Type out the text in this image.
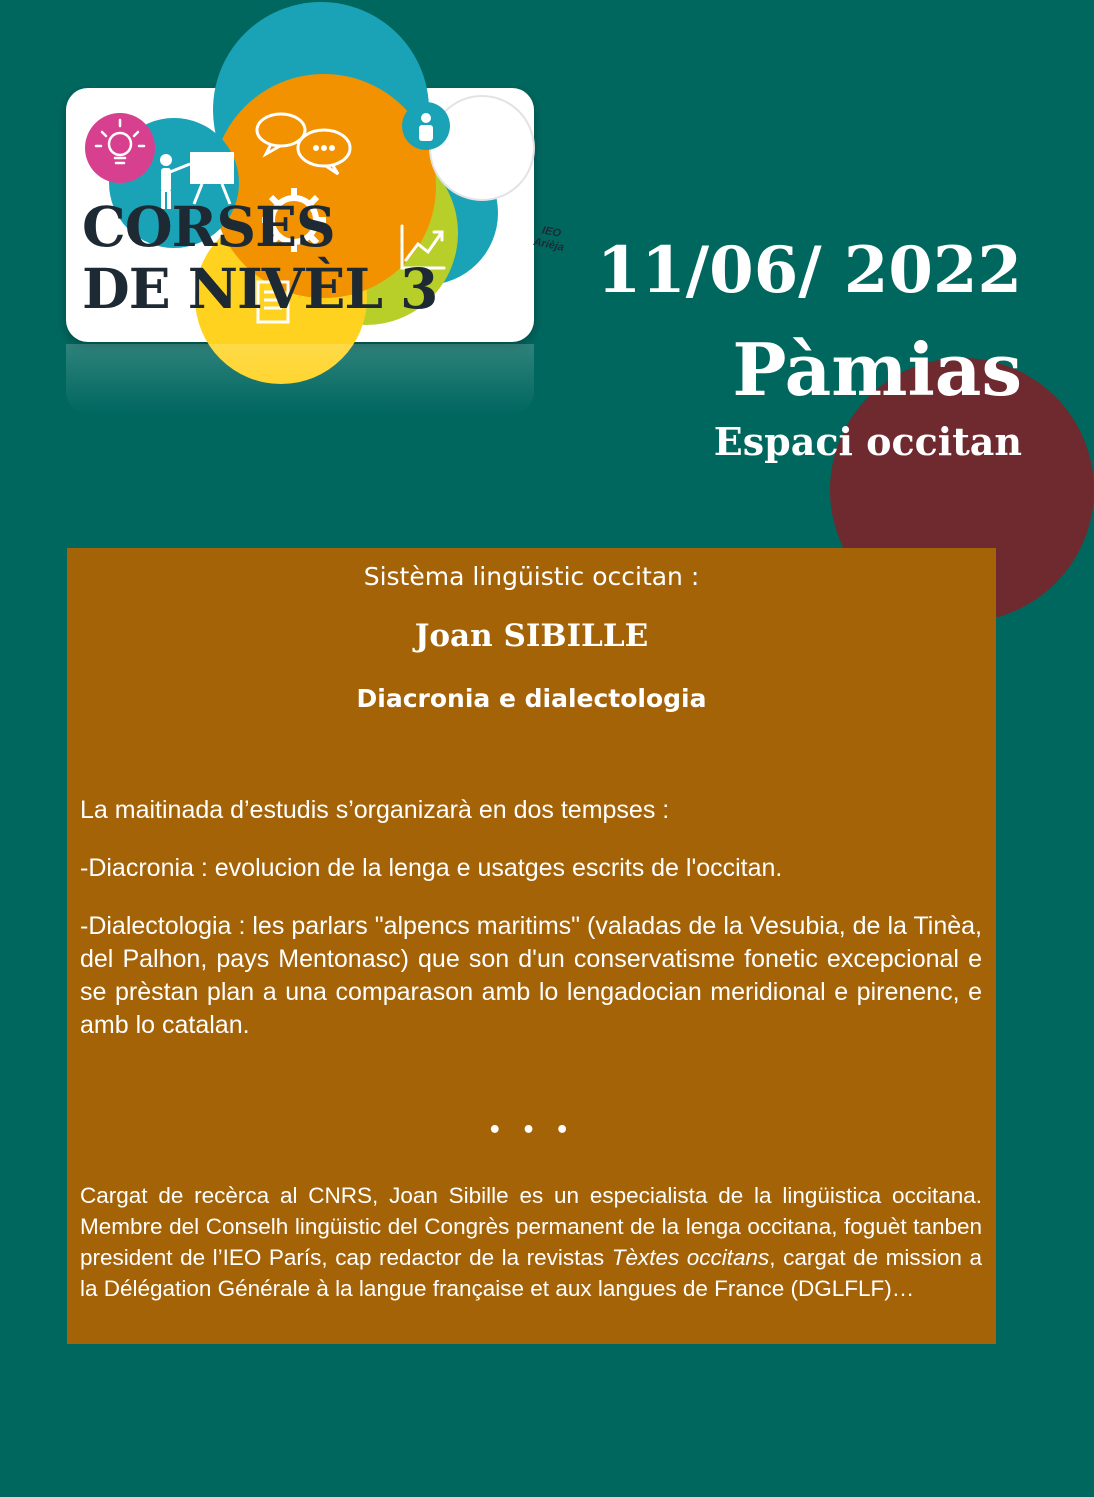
IEO
Arièja
CORSES
DE NIVÈL 3 11/06/ 2022
Pàmias
Espaci occitan

Sistèma lingüistic occitan :

Joan SIBILLE

Diacronia e dialectologia

La maitinada d’estudis s’organizarà en dos tempses :

-Diacronia : evolucion de la lenga e usatges escrits de l'occitan.

-Dialectologia : les parlars "alpencs maritims" (valadas de la Vesubia, de la Tinèa, del Palhon, pays Mentonasc) que son d'un conservatisme fonetic excepcional e se prèstan plan a una comparason amb lo lengadocian meridional e pirenenc, e amb lo catalan.

• • •

Cargat de recèrca al CNRS, Joan Sibille es un especialista de la lingüistica occitana. Membre del Conselh lingüistic del Congrès permanent de la lenga occitana, foguèt tanben president de l’IEO París, cap redactor de la revistas Tèxtes occitans, cargat de mission a la Délégation Générale à la langue française et aux langues de France (DGLFLF)…
